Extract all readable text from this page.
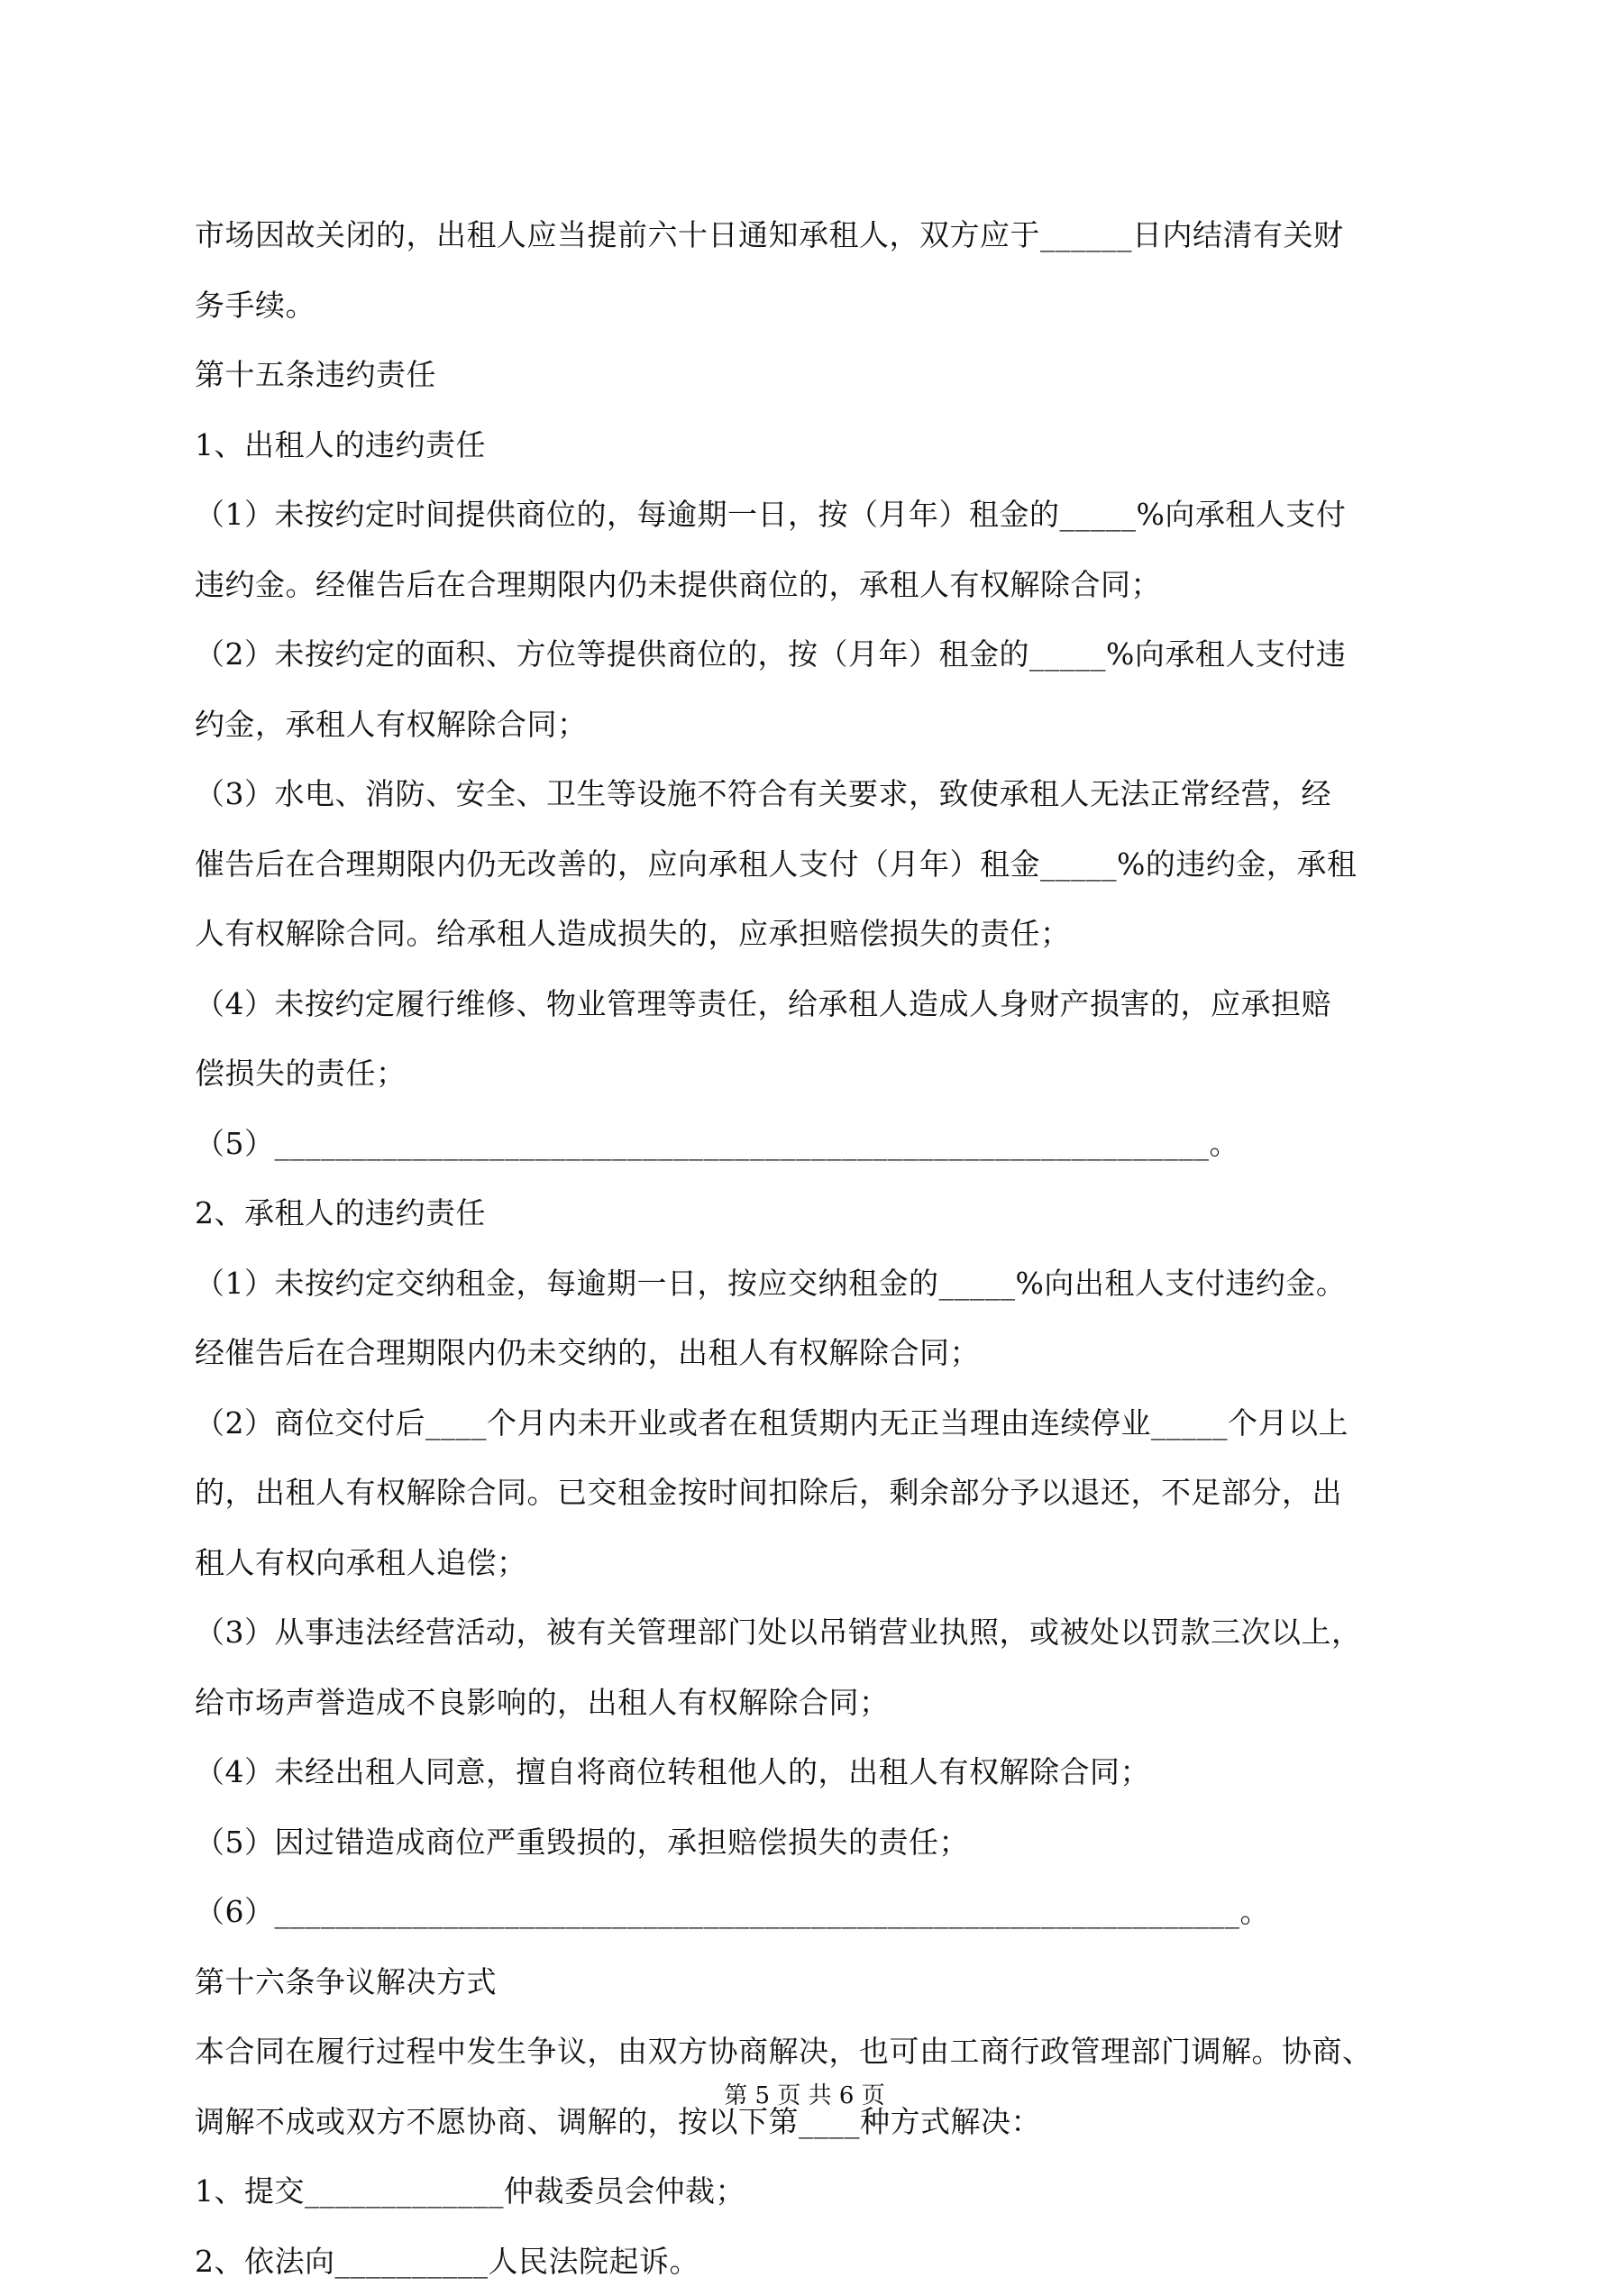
市场因故关闭的，出租人应当提前六十日通知承租人，双方应于______日内结清有关财
务手续。
第十五条违约责任
1、出租人的违约责任
（1）未按约定时间提供商位的，每逾期一日，按（月年）租金的_____%向承租人支付
违约金。经催告后在合理期限内仍未提供商位的，承租人有权解除合同；
（2）未按约定的面积、方位等提供商位的，按（月年）租金的_____%向承租人支付违
约金，承租人有权解除合同；
（3）水电、消防、安全、卫生等设施不符合有关要求，致使承租人无法正常经营，经
催告后在合理期限内仍无改善的，应向承租人支付（月年）租金_____%的违约金，承租
人有权解除合同。给承租人造成损失的，应承担赔偿损失的责任；
（4）未按约定履行维修、物业管理等责任，给承租人造成人身财产损害的，应承担赔
偿损失的责任；
（5）_____________________________________________________________。
2、承租人的违约责任
（1）未按约定交纳租金，每逾期一日，按应交纳租金的_____%向出租人支付违约金。
经催告后在合理期限内仍未交纳的，出租人有权解除合同；
（2）商位交付后____个月内未开业或者在租赁期内无正当理由连续停业_____个月以上
的，出租人有权解除合同。已交租金按时间扣除后，剩余部分予以退还，不足部分，出
租人有权向承租人追偿；
（3）从事违法经营活动，被有关管理部门处以吊销营业执照，或被处以罚款三次以上，
给市场声誉造成不良影响的，出租人有权解除合同；
（4）未经出租人同意，擅自将商位转租他人的，出租人有权解除合同；
（5）因过错造成商位严重毁损的，承担赔偿损失的责任；
（6）_______________________________________________________________。
第十六条争议解决方式
本合同在履行过程中发生争议，由双方协商解决，也可由工商行政管理部门调解。协商、
调解不成或双方不愿协商、调解的，按以下第____种方式解决：
1、提交_____________仲裁委员会仲裁；
2、依法向__________人民法院起诉。
第 5 页 共 6 页
